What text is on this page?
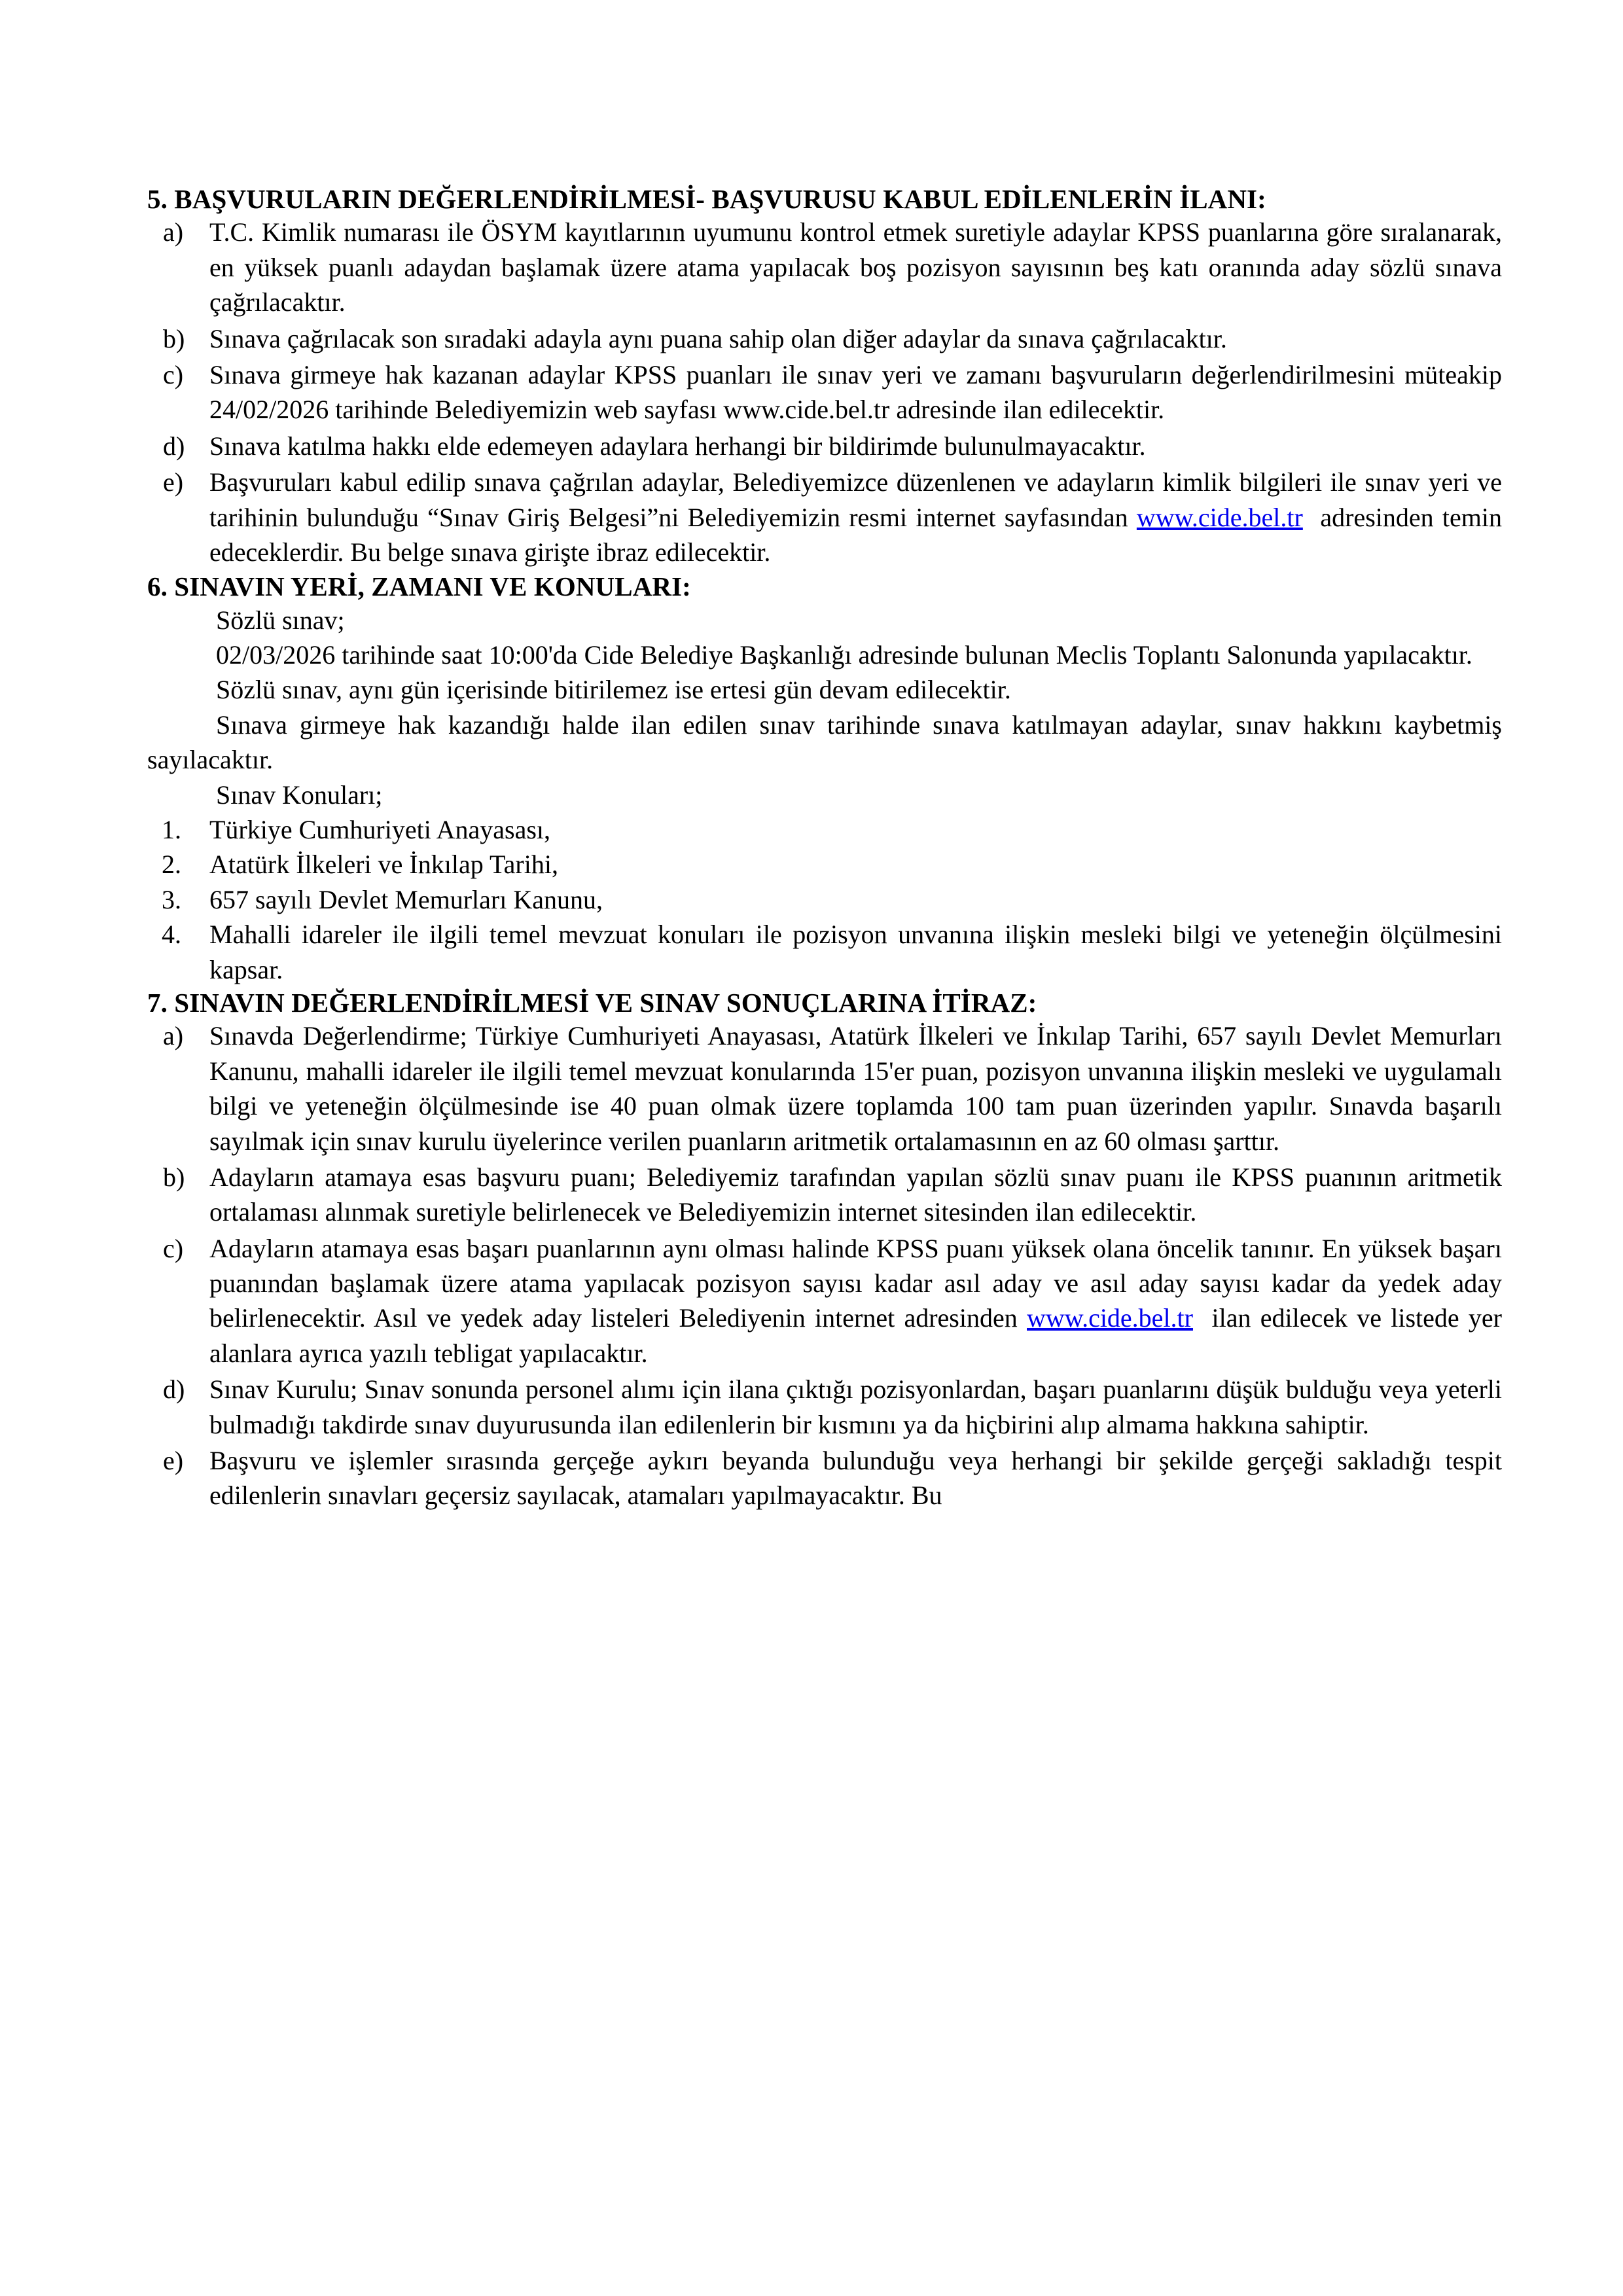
5. BAŞVURULARIN DEĞERLENDİRİLMESİ- BAŞVURUSU KABUL EDİLENLERİN İLANI:
a) T.C. Kimlik numarası ile ÖSYM kayıtlarının uyumunu kontrol etmek suretiyle adaylar KPSS puanlarına göre sıralanarak, en yüksek puanlı adaydan başlamak üzere atama yapılacak boş pozisyon sayısının beş katı oranında aday sözlü sınava çağrılacaktır.
b) Sınava çağrılacak son sıradaki adayla aynı puana sahip olan diğer adaylar da sınava çağrılacaktır.
c) Sınava girmeye hak kazanan adaylar KPSS puanları ile sınav yeri ve zamanı başvuruların değerlendirilmesini müteakip 24/02/2026 tarihinde Belediyemizin web sayfası www.cide.bel.tr adresinde ilan edilecektir.
d) Sınava katılma hakkı elde edemeyen adaylara herhangi bir bildirimde bulunulmayacaktır.
e) Başvuruları kabul edilip sınava çağrılan adaylar, Belediyemizce düzenlenen ve adayların kimlik bilgileri ile sınav yeri ve tarihinin bulunduğu “Sınav Giriş Belgesi”ni Belediyemizin resmi internet sayfasından www.cide.bel.tr  adresinden temin edeceklerdir. Bu belge sınava girişte ibraz edilecektir.
6. SINAVIN YERİ, ZAMANI VE KONULARI:

Sözlü sınav;

02/03/2026 tarihinde saat 10:00'da Cide Belediye Başkanlığı adresinde bulunan Meclis Toplantı Salonunda yapılacaktır.

Sözlü sınav, aynı gün içerisinde bitirilemez ise ertesi gün devam edilecektir.

Sınava girmeye hak kazandığı halde ilan edilen sınav tarihinde sınava katılmayan adaylar, sınav hakkını kaybetmiş sayılacaktır.

Sınav Konuları;

1.	Türkiye Cumhuriyeti Anayasası,
2.	Atatürk İlkeleri ve İnkılap Tarihi,
3.	657 sayılı Devlet Memurları Kanunu,
4.	Mahalli idareler ile ilgili temel mevzuat konuları ile pozisyon unvanına ilişkin mesleki bilgi ve yeteneğin ölçülmesini kapsar.
7. SINAVIN DEĞERLENDİRİLMESİ VE SINAV SONUÇLARINA İTİRAZ:
a) Sınavda Değerlendirme; Türkiye Cumhuriyeti Anayasası, Atatürk İlkeleri ve İnkılap Tarihi, 657 sayılı Devlet Memurları Kanunu, mahalli idareler ile ilgili temel mevzuat konularında 15'er puan, pozisyon unvanına ilişkin mesleki ve uygulamalı bilgi ve yeteneğin ölçülmesinde ise 40 puan olmak üzere toplamda 100 tam puan üzerinden yapılır. Sınavda başarılı sayılmak için sınav kurulu üyelerince verilen puanların aritmetik ortalamasının en az 60 olması şarttır.
b) Adayların atamaya esas başvuru puanı; Belediyemiz tarafından yapılan sözlü sınav puanı ile KPSS puanının aritmetik ortalaması alınmak suretiyle belirlenecek ve Belediyemizin internet sitesinden ilan edilecektir.
c) Adayların atamaya esas başarı puanlarının aynı olması halinde KPSS puanı yüksek olana öncelik tanınır. En yüksek başarı puanından başlamak üzere atama yapılacak pozisyon sayısı kadar asıl aday ve asıl aday sayısı kadar da yedek aday belirlenecektir. Asıl ve yedek aday listeleri Belediyenin internet adresinden www.cide.bel.tr  ilan edilecek ve listede yer alanlara ayrıca yazılı tebligat yapılacaktır.
d) Sınav Kurulu; Sınav sonunda personel alımı için ilana çıktığı pozisyonlardan, başarı puanlarını düşük bulduğu veya yeterli bulmadığı takdirde sınav duyurusunda ilan edilenlerin bir kısmını ya da hiçbirini alıp almama hakkına sahiptir.
e) Başvuru ve işlemler sırasında gerçeğe aykırı beyanda bulunduğu veya herhangi bir şekilde gerçeği sakladığı tespit edilenlerin sınavları geçersiz sayılacak, atamaları yapılmayacaktır. Bu
